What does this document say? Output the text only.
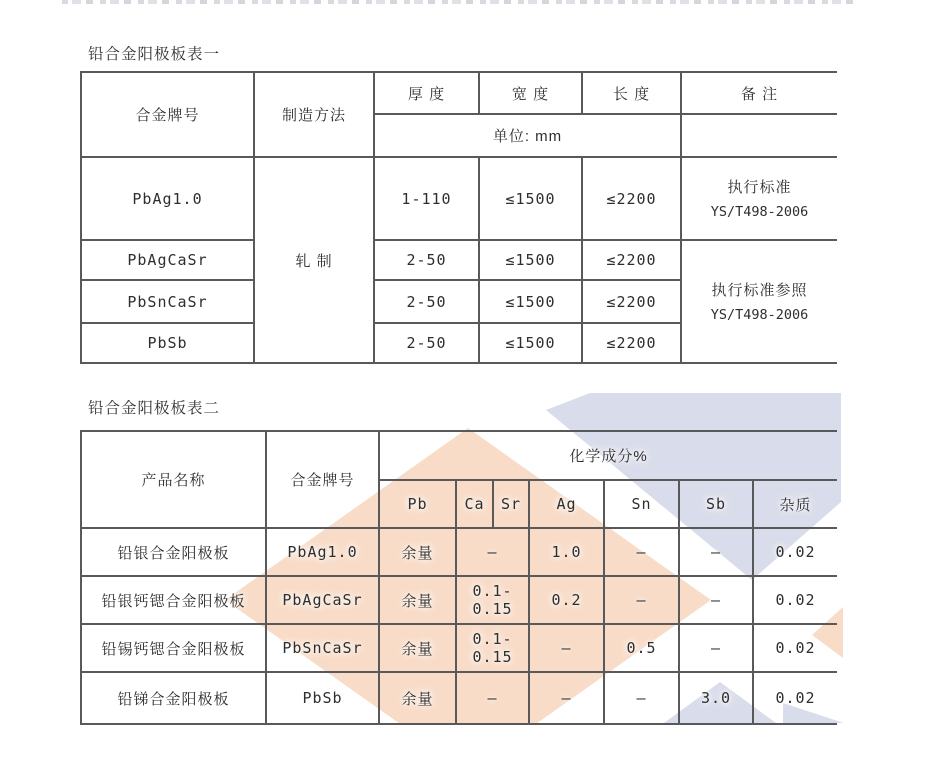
铅合金阳极板表一
合金牌号	制造方法	厚 度	宽 度	长 度	备 注
		单位: mm			
PbAg1.0	轧 制	1-110	≤1500	≤2200	执行标准
YS/T498-2006

PbAgCaSr		2-50	≤1500	≤2200	执行标准参照
YS/T498-2006

PbSnCaSr		2-50	≤1500	≤2200	
PbSb		2-50	≤1500	≤2200	
铅合金阳极板表二
产品名称	合金牌号	化学成分%						
		Pb	Ca	Sr	Ag	Sn	Sb	杂质
铅银合金阳极板	PbAg1.0	余量	–		1.0	–	–	0.02
铅银钙锶合金阳极板	PbAgCaSr	余量	0.1-0.15		0.2	–	–	0.02
铅锡钙锶合金阳极板	PbSnCaSr	余量	0.1-0.15		–	0.5	–	0.02
铅锑合金阳极板	PbSb	余量	–		–	–	3.0	0.02
